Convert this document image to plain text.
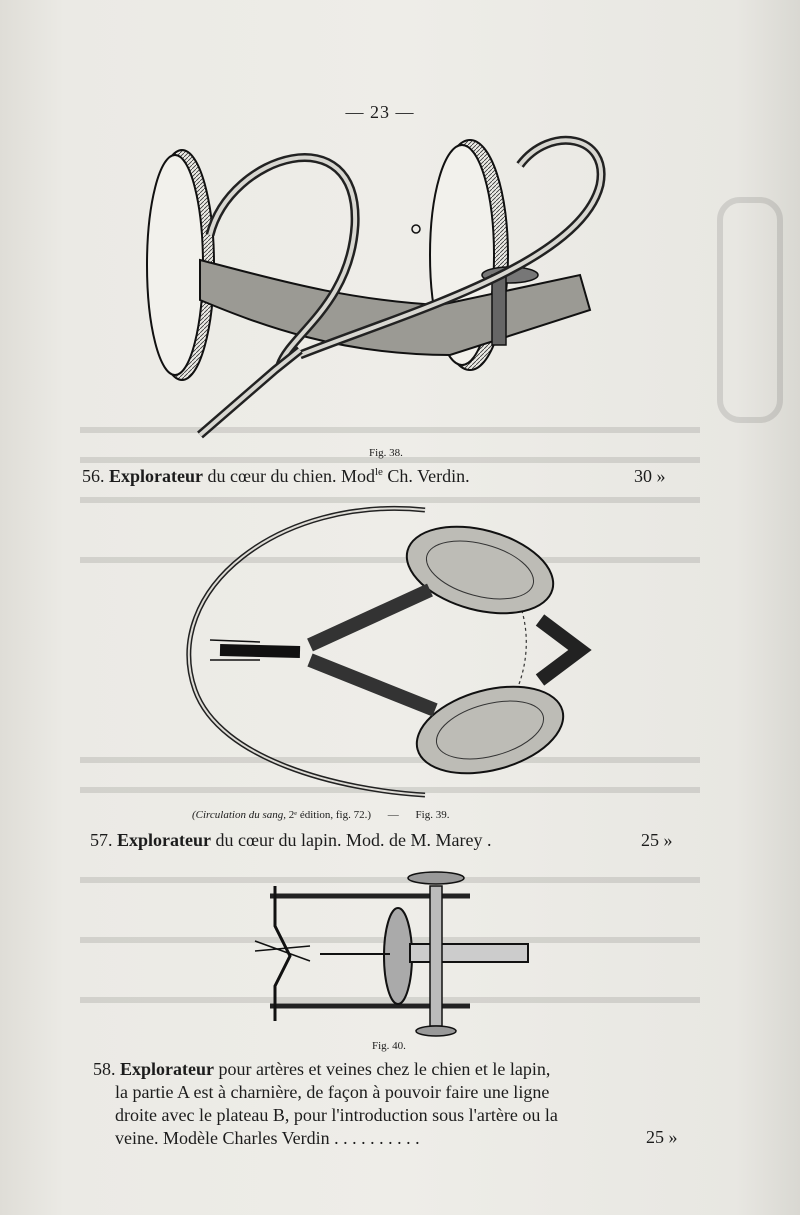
— 23 —
Fig. 38.
56. Explorateur du cœur du chien. Mod$^{le}$ Ch. Verdin.	30 »
(Circulation du sang, 2ᵉ édition, fig. 72.) — Fig. 39.
57. Explorateur du cœur du lapin. Mod. de M. Marey .	25 »
Fig. 40.
58. Explorateur pour artères et veines chez le chien et le lapin,
la partie A est à charnière, de façon à pouvoir faire une ligne
droite avec le plateau B, pour l'introduction sous l'artère ou la
veine. Modèle Charles Verdin . . . . . . . . . .	25 »
